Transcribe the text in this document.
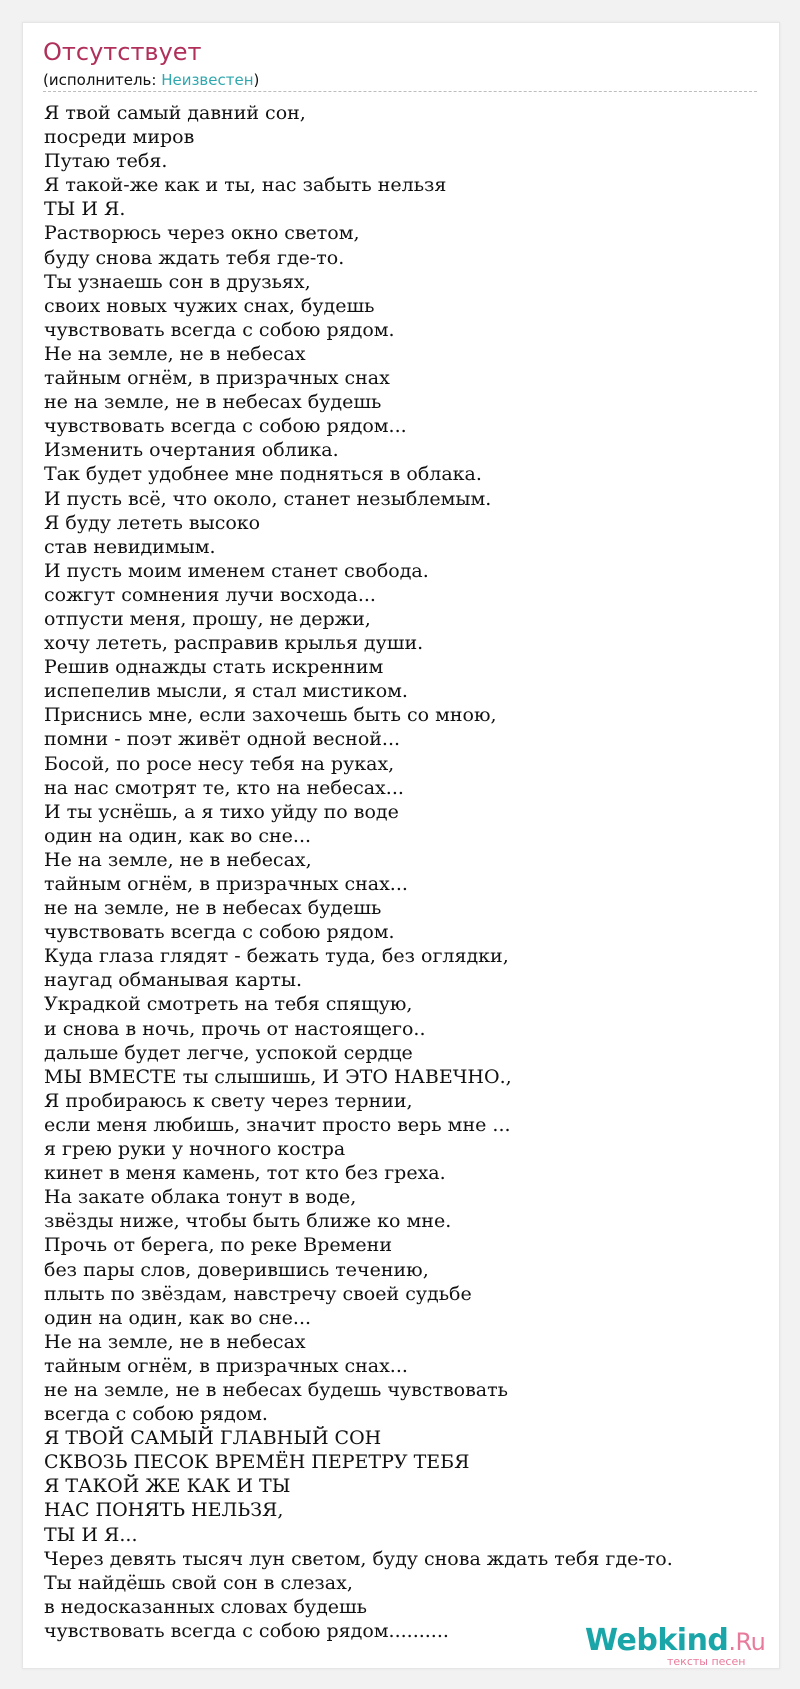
Отсутствует
(исполнитель: Неизвестен)
Я твой самый давний сон,
посреди миров
Путаю тебя.
Я такой-же как и ты, нас забыть нельзя
ТЫ И Я.
Растворюсь через окно светом,
буду снова ждать тебя где-то.
Ты узнаешь сон в друзьях,
своих новых чужих снах, будешь
чувствовать всегда с собою рядом.
Не на земле, не в небесах
тайным огнём, в призрачных снах
не на земле, не в небесах будешь
чувствовать всегда с собою рядом...
Изменить очертания облика.
Так будет удобнее мне подняться в облака.
И пусть всё, что около, станет незыблемым.
Я буду лететь высоко
став невидимым.
И пусть моим именем станет свобода.
сожгут сомнения лучи восхода...
отпусти меня, прошу, не держи,
хочу лететь, расправив крылья души.
Решив однажды стать искренним
испепелив мысли, я стал мистиком.
Приснись мне, если захочешь быть со мною,
помни - поэт живёт одной весной...
Босой, по росе несу тебя на руках,
на нас смотрят те, кто на небесах...
И ты уснёшь, а я тихо уйду по воде
один на один, как во сне...
Не на земле, не в небесах,
тайным огнём, в призрачных снах...
не на земле, не в небесах будешь
чувствовать всегда с собою рядом.
Куда глаза глядят - бежать туда, без оглядки,
наугад обманывая карты.
Украдкой смотреть на тебя спящую,
и снова в ночь, прочь от настоящего..
дальше будет легче, успокой сердце
МЫ ВМЕСТЕ ты слышишь, И ЭТО НАВЕЧНО.,
Я пробираюсь к свету через тернии,
если меня любишь, значит просто верь мне ...
я грею руки у ночного костра
кинет в меня камень, тот кто без греха.
На закате облака тонут в воде,
звёзды ниже, чтобы быть ближе ко мне.
Прочь от берега, по реке Времени
без пары слов, доверившись течению,
плыть по звёздам, навстречу своей судьбе
один на один, как во сне...
Не на земле, не в небесах
тайным огнём, в призрачных снах...
не на земле, не в небесах будешь чувствовать
всегда с собою рядом.
Я ТВОЙ САМЫЙ ГЛАВНЫЙ СОН
СКВОЗЬ ПЕСОК ВРЕМЁН ПЕРЕТРУ ТЕБЯ
Я ТАКОЙ ЖЕ КАК И ТЫ
НАС ПОНЯТЬ НЕЛЬЗЯ,
ТЫ И Я...
Через девять тысяч лун светом, буду снова ждать тебя где-то.
Ты найдёшь свой сон в слезах,
в недосказанных словах будешь
чувствовать всегда с собою рядом..........	Webkind.Ru
тексты песен
